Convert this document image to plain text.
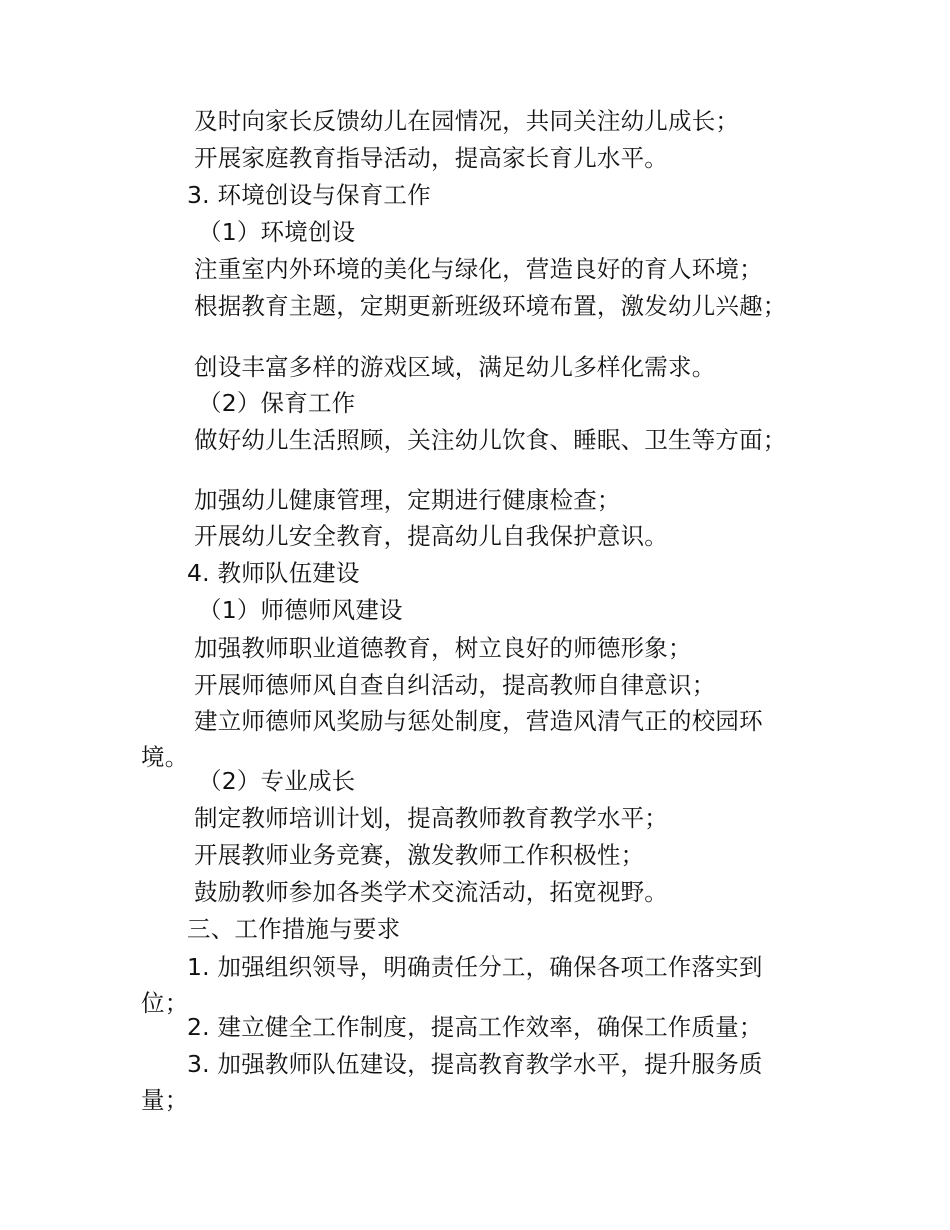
及时向家长反馈幼儿在园情况，共同关注幼儿成长；
开展家庭教育指导活动，提高家长育儿水平。
3. 环境创设与保育工作
（1）环境创设
注重室内外环境的美化与绿化，营造良好的育人环境；
根据教育主题，定期更新班级环境布置，激发幼儿兴趣；
创设丰富多样的游戏区域，满足幼儿多样化需求。
（2）保育工作
做好幼儿生活照顾，关注幼儿饮食、睡眠、卫生等方面；
加强幼儿健康管理，定期进行健康检查；
开展幼儿安全教育，提高幼儿自我保护意识。
4. 教师队伍建设
（1）师德师风建设
加强教师职业道德教育，树立良好的师德形象；
开展师德师风自查自纠活动，提高教师自律意识；
建立师德师风奖励与惩处制度，营造风清气正的校园环境。
（2）专业成长
制定教师培训计划，提高教师教育教学水平；
开展教师业务竞赛，激发教师工作积极性；
鼓励教师参加各类学术交流活动，拓宽视野。
三、工作措施与要求
1. 加强组织领导，明确责任分工，确保各项工作落实到位；
2. 建立健全工作制度，提高工作效率，确保工作质量；
3. 加强教师队伍建设，提高教育教学水平，提升服务质量；
